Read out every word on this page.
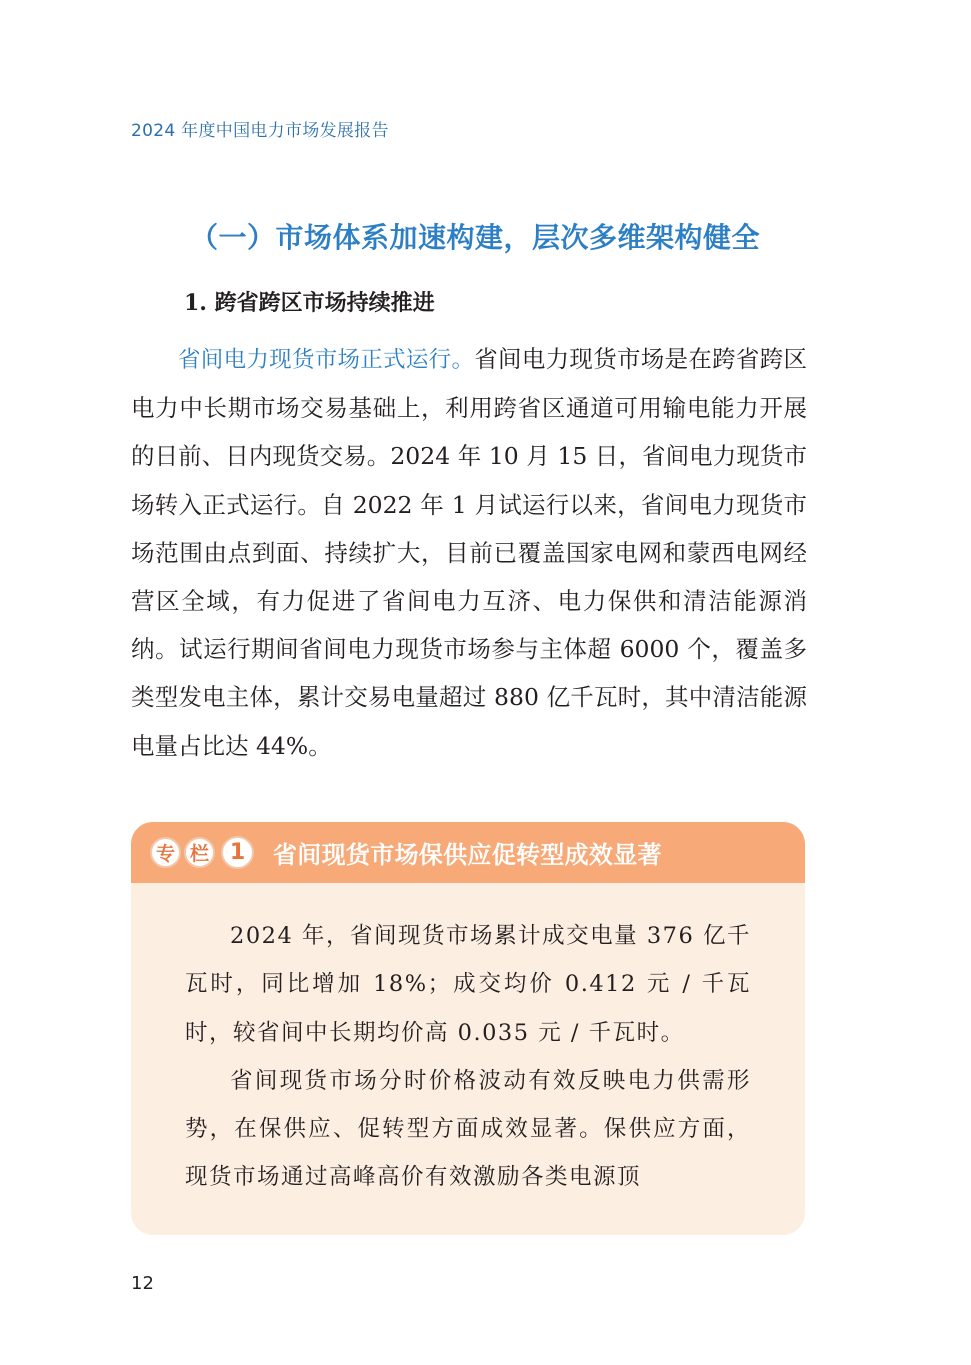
2024 年度中国电力市场发展报告
（一）市场体系加速构建，层次多维架构健全
1. 跨省跨区市场持续推进

省间电力现货市场正式运行。省间电力现货市场是在跨省跨区电力中长期市场交易基础上，利用跨省区通道可用输电能力开展的日前、日内现货交易。2024 年 10 月 15 日，省间电力现货市场转入正式运行。自 2022 年 1 月试运行以来，省间电力现货市场范围由点到面、持续扩大，目前已覆盖国家电网和蒙西电网经营区全域，有力促进了省间电力互济、电力保供和清洁能源消纳。试运行期间省间电力现货市场参与主体超 6000 个，覆盖多类型发电主体，累计交易电量超过 880 亿千瓦时，其中清洁能源电量占比达 44%。

专 栏 1	省间现货市场保供应促转型成效显著

2024 年，省间现货市场累计成交电量 376 亿千瓦时，同比增加 18%；成交均价 0.412 元 / 千瓦时，较省间中长期均价高 0.035 元 / 千瓦时。

省间现货市场分时价格波动有效反映电力供需形势，在保供应、促转型方面成效显著。保供应方面，现货市场通过高峰高价有效激励各类电源顶

12
